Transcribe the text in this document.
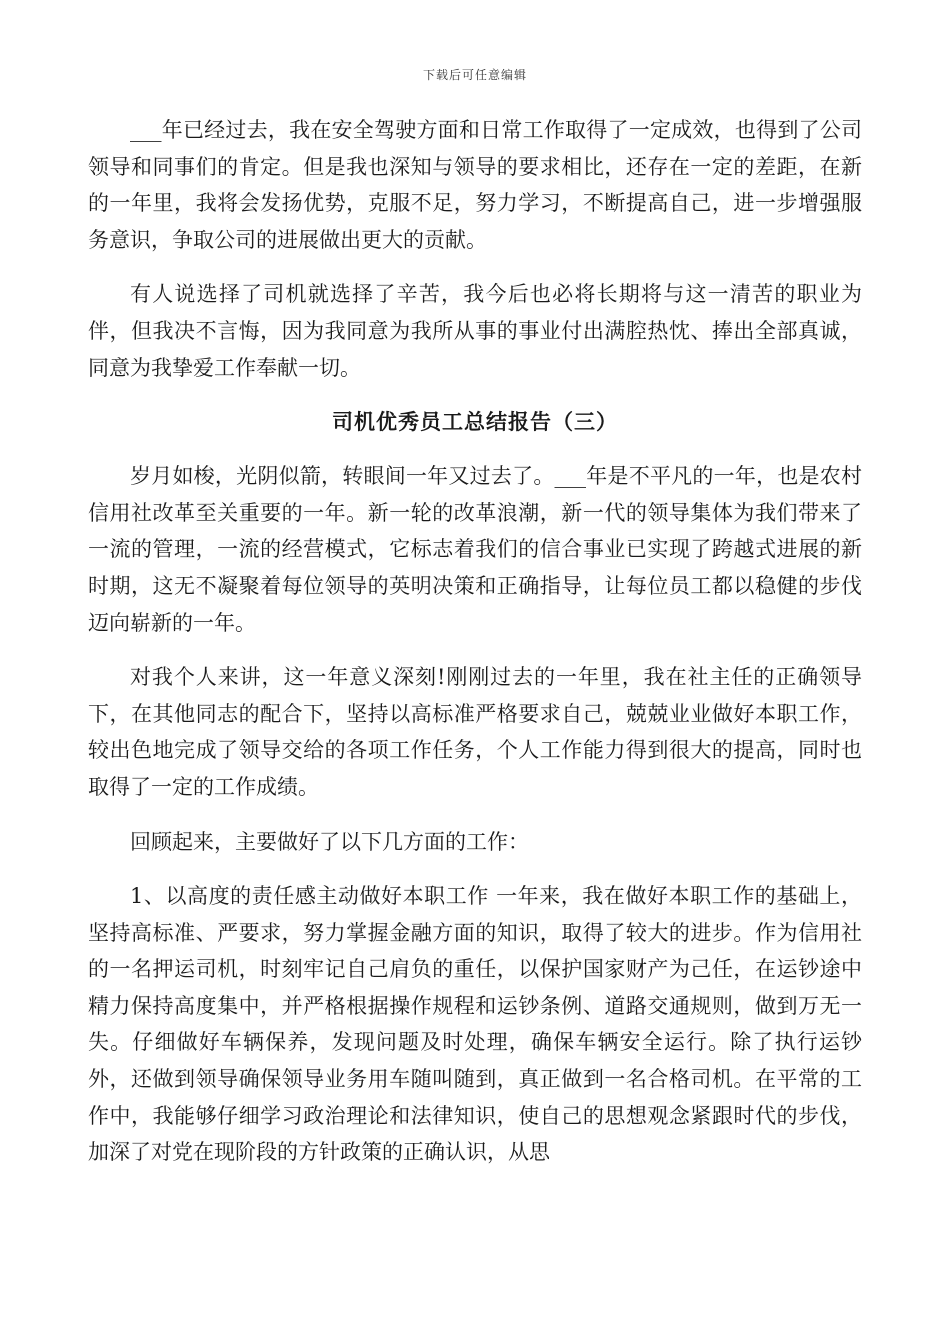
下载后可任意编辑

___年已经过去，我在安全驾驶方面和日常工作取得了一定成效，也得到了公司领导和同事们的肯定。但是我也深知与领导的要求相比，还存在一定的差距，在新的一年里，我将会发扬优势，克服不足，努力学习，不断提高自己，进一步增强服务意识，争取公司的进展做出更大的贡献。

有人说选择了司机就选择了辛苦，我今后也必将长期将与这一清苦的职业为伴，但我决不言悔，因为我同意为我所从事的事业付出满腔热忱、捧出全部真诚，同意为我挚爱工作奉献一切。

司机优秀员工总结报告（三）

岁月如梭，光阴似箭，转眼间一年又过去了。___年是不平凡的一年，也是农村信用社改革至关重要的一年。新一轮的改革浪潮，新一代的领导集体为我们带来了一流的管理，一流的经营模式，它标志着我们的信合事业已实现了跨越式进展的新时期，这无不凝聚着每位领导的英明决策和正确指导，让每位员工都以稳健的步伐迈向崭新的一年。

对我个人来讲，这一年意义深刻!刚刚过去的一年里，我在社主任的正确领导下，在其他同志的配合下，坚持以高标准严格要求自己，兢兢业业做好本职工作，较出色地完成了领导交给的各项工作任务，个人工作能力得到很大的提高，同时也取得了一定的工作成绩。

回顾起来，主要做好了以下几方面的工作：

1、以高度的责任感主动做好本职工作 一年来，我在做好本职工作的基础上，坚持高标准、严要求，努力掌握金融方面的知识，取得了较大的进步。作为信用社的一名押运司机，时刻牢记自己肩负的重任，以保护国家财产为己任，在运钞途中精力保持高度集中，并严格根据操作规程和运钞条例、道路交通规则，做到万无一失。仔细做好车辆保养，发现问题及时处理，确保车辆安全运行。除了执行运钞外，还做到领导确保领导业务用车随叫随到，真正做到一名合格司机。在平常的工作中，我能够仔细学习政治理论和法律知识，使自己的思想观念紧跟时代的步伐，加深了对党在现阶段的方针政策的正确认识，从思
